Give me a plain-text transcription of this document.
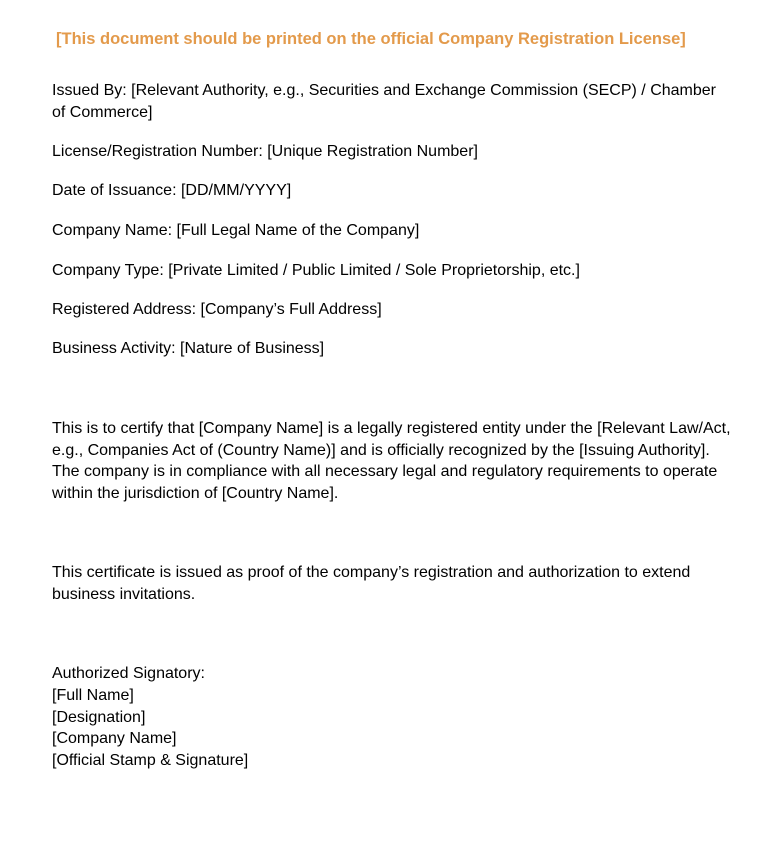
[This document should be printed on the official Company Registration License]
Issued By: [Relevant Authority, e.g., Securities and Exchange Commission (SECP) / Chamber of Commerce]
License/Registration Number: [Unique Registration Number]
Date of Issuance: [DD/MM/YYYY]
Company Name: [Full Legal Name of the Company]
Company Type: [Private Limited / Public Limited / Sole Proprietorship, etc.]
Registered Address: [Company’s Full Address]
Business Activity: [Nature of Business]
This is to certify that [Company Name] is a legally registered entity under the [Relevant Law/Act, e.g., Companies Act of (Country Name)] and is officially recognized by the [Issuing Authority]. The company is in compliance with all necessary legal and regulatory requirements to operate within the jurisdiction of [Country Name].
This certificate is issued as proof of the company’s registration and authorization to extend business invitations.
Authorized Signatory:
[Full Name]
[Designation]
[Company Name]
[Official Stamp & Signature]
